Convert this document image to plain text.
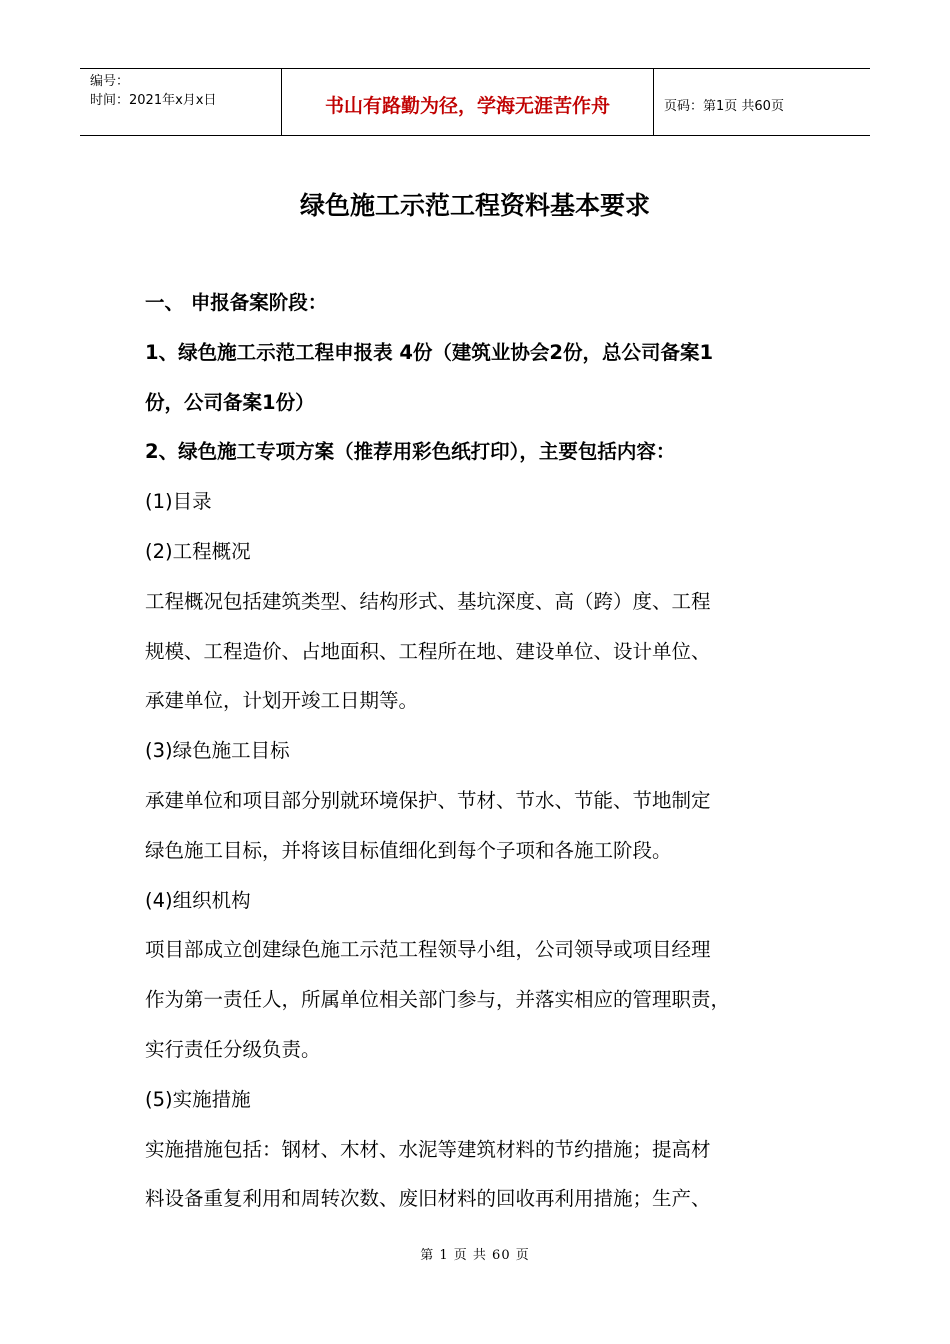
编号：
时间：2021年x月x日	书山有路勤为径，学海无涯苦作舟	页码：第1页 共60页
绿色施工示范工程资料基本要求
一、 申报备案阶段：
1、绿色施工示范工程申报表 4份（建筑业协会2份，总公司备案1
份，公司备案1份）
2、绿色施工专项方案（推荐用彩色纸打印），主要包括内容：
(1)目录
(2)工程概况
工程概况包括建筑类型、结构形式、基坑深度、高（跨）度、工程
规模、工程造价、占地面积、工程所在地、建设单位、设计单位、
承建单位，计划开竣工日期等。
(3)绿色施工目标
承建单位和项目部分别就环境保护、节材、节水、节能、节地制定
绿色施工目标，并将该目标值细化到每个子项和各施工阶段。
(4)组织机构
项目部成立创建绿色施工示范工程领导小组，公司领导或项目经理
作为第一责任人，所属单位相关部门参与，并落实相应的管理职责，
实行责任分级负责。
(5)实施措施
实施措施包括：钢材、木材、水泥等建筑材料的节约措施；提高材
料设备重复利用和周转次数、废旧材料的回收再利用措施；生产、
第 1 页 共 60 页
